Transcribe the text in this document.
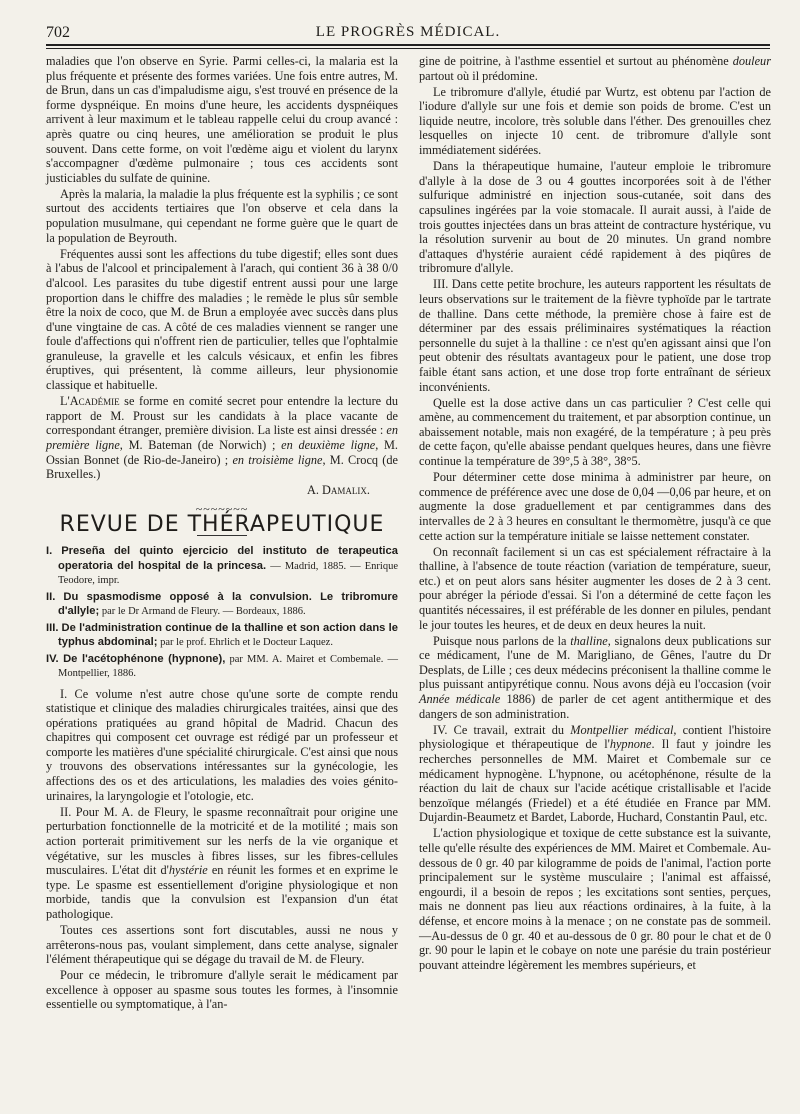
702	LE PROGRÈS MÉDICAL.

maladies que l'on observe en Syrie. Parmi celles-ci, la malaria est la plus fréquente et présente des formes variées. Une fois entre autres, M. de Brun, dans un cas d'impaludisme aigu, s'est trouvé en présence de la forme dyspnéique. En moins d'une heure, les accidents dyspnéiques arrivent à leur maximum et le tableau rappelle celui du croup avancé : après quatre ou cinq heures, une amélioration se produit le plus souvent. Dans cette forme, on voit l'œdème aigu et violent du larynx s'accompagner d'œdème pulmonaire ; tous ces accidents sont justiciables du sulfate de quinine.

Après la malaria, la maladie la plus fréquente est la syphilis ; ce sont surtout des accidents tertiaires que l'on observe et cela dans la population musulmane, qui cependant ne forme guère que le quart de la population de Beyrouth.

Fréquentes aussi sont les affections du tube digestif; elles sont dues à l'abus de l'alcool et principalement à l'arach, qui contient 36 à 38 0/0 d'alcool. Les parasites du tube digestif entrent aussi pour une large proportion dans le chiffre des maladies ; le remède le plus sûr semble être la noix de coco, que M. de Brun a employée avec succès dans plus d'une vingtaine de cas. A côté de ces maladies viennent se ranger une foule d'affections qui n'offrent rien de particulier, telles que l'ophtalmie granuleuse, la gravelle et les calculs vésicaux, et enfin les fibres éruptives, qui présentent, là comme ailleurs, leur physionomie classique et habituelle.

L'Académie se forme en comité secret pour entendre la lecture du rapport de M. Proust sur les candidats à la place vacante de correspondant étranger, première division. La liste est ainsi dressée : en première ligne, M. Bateman (de Norwich) ; en deuxième ligne, M. Ossian Bonnet (de Rio-de-Janeiro) ; en troisième ligne, M. Crocq (de Bruxelles.)

A. Damalix.

~~~~~~~
REVUE DE THÉRAPEUTIQUE

I. Preseña del quinto ejercicio del instituto de terapeutica operatoria del hospital de la princesa. — Madrid, 1885. — Enrique Teodore, impr.

II. Du spasmodisme opposé à la convulsion. Le tribromure d'allyle; par le Dr Armand de Fleury. — Bordeaux, 1886.

III. De l'administration continue de la thalline et son action dans le typhus abdominal; par le prof. Ehrlich et le Docteur Laquez.

IV. De l'acétophénone (hypnone), par MM. A. Mairet et Combemale. — Montpellier, 1886.

I. Ce volume n'est autre chose qu'une sorte de compte rendu statistique et clinique des maladies chirurgicales traitées, ainsi que des opérations pratiquées au grand hôpital de Madrid. Chacun des chapitres qui composent cet ouvrage est rédigé par un professeur et comporte les matières d'une spécialité chirurgicale. C'est ainsi que nous y trouvons des observations intéressantes sur la gynécologie, les affections des os et des articulations, les maladies des voies génito-urinaires, la laryngologie et l'otologie, etc.

II. Pour M. A. de Fleury, le spasme reconnaîtrait pour origine une perturbation fonctionnelle de la motricité et de la motilité ; mais son action porterait primitivement sur les nerfs de la vie organique et végétative, sur les muscles à fibres lisses, sur les fibres-cellules musculaires. L'état dit d'hystérie en réunit les formes et en exprime le type. Le spasme est essentiellement d'origine physiologique et non morbide, tandis que la convulsion est l'expansion d'un état pathologique.

Toutes ces assertions sont fort discutables, aussi ne nous y arrêterons-nous pas, voulant simplement, dans cette analyse, signaler l'élément thérapeutique qui se dégage du travail de M. de Fleury.

Pour ce médecin, le tribromure d'allyle serait le médicament par excellence à opposer au spasme sous toutes les formes, à l'insomnie essentielle ou symptomatique, à l'an-

gine de poitrine, à l'asthme essentiel et surtout au phénomène douleur partout où il prédomine.

Le tribromure d'allyle, étudié par Wurtz, est obtenu par l'action de l'iodure d'allyle sur une fois et demie son poids de brome. C'est un liquide neutre, incolore, très soluble dans l'éther. Des grenouilles chez lesquelles on injecte 10 cent. de tribromure d'allyle sont immédiatement sidérées.

Dans la thérapeutique humaine, l'auteur emploie le tribromure d'allyle à la dose de 3 ou 4 gouttes incorporées soit à de l'éther sulfurique administré en injection sous-cutanée, soit dans des capsulines ingérées par la voie stomacale. Il aurait aussi, à l'aide de trois gouttes injectées dans un bras atteint de contracture hystérique, vu la résolution survenir au bout de 20 minutes. Un grand nombre d'attaques d'hystérie auraient cédé rapidement à des piqûres de tribromure d'allyle.

III. Dans cette petite brochure, les auteurs rapportent les résultats de leurs observations sur le traitement de la fièvre typhoïde par le tartrate de thalline. Dans cette méthode, la première chose à faire est de déterminer par des essais préliminaires systématiques la réaction personnelle du sujet à la thalline : ce n'est qu'en agissant ainsi que l'on peut obtenir des résultats avantageux pour le patient, une dose trop faible étant sans action, et une dose trop forte entraînant de sérieux inconvénients.

Quelle est la dose active dans un cas particulier ? C'est celle qui amène, au commencement du traitement, et par absorption continue, un abaissement notable, mais non exagéré, de la température ; à peu près de cette façon, qu'elle abaisse pendant quelques heures, dans une fièvre continue la température de 39°,5 à 38°, 38°5.

Pour déterminer cette dose minima à administrer par heure, on commence de préférence avec une dose de 0,04 —0,06 par heure, et on augmente la dose graduellement et par centigrammes dans des intervalles de 2 à 3 heures en consultant le thermomètre, jusqu'à ce que cette action sur la température initiale se laisse nettement constater.

On reconnaît facilement si un cas est spécialement réfractaire à la thalline, à l'absence de toute réaction (variation de température, sueur, etc.) et on peut alors sans hésiter augmenter les doses de 2 à 3 cent. pour abréger la période d'essai. Si l'on a déterminé de cette façon les quantités nécessaires, il est préférable de les donner en pilules, pendant le jour toutes les heures, et de deux en deux heures la nuit.

Puisque nous parlons de la thalline, signalons deux publications sur ce médicament, l'une de M. Marigliano, de Gênes, l'autre du Dr Desplats, de Lille ; ces deux médecins préconisent la thalline comme le plus puissant antipyrétique connu. Nous avons déjà eu l'occasion (voir Année médicale 1886) de parler de cet agent antithermique et des dangers de son administration.

IV. Ce travail, extrait du Montpellier médical, contient l'histoire physiologique et thérapeutique de l'hypnone. Il faut y joindre les recherches personnelles de MM. Mairet et Combemale sur ce médicament hypnogène. L'hypnone, ou acétophénone, résulte de la réaction du lait de chaux sur l'acide acétique cristallisable et l'acide benzoïque mélangés (Friedel) et a été étudiée en France par MM. Dujardin-Beaumetz et Bardet, Laborde, Huchard, Constantin Paul, etc.

L'action physiologique et toxique de cette substance est la suivante, telle qu'elle résulte des expériences de MM. Mairet et Combemale. Au-dessous de 0 gr. 40 par kilogramme de poids de l'animal, l'action porte principalement sur le système musculaire ; l'animal est affaissé, engourdi, il a besoin de repos ; les excitations sont senties, perçues, mais ne donnent pas lieu aux réactions ordinaires, à la fuite, à la défense, et encore moins à la menace ; on ne constate pas de sommeil. —Au-dessus de 0 gr. 40 et au-dessous de 0 gr. 80 pour le chat et de 0 gr. 90 pour le lapin et le cobaye on note une parésie du train postérieur pouvant atteindre légèrement les membres supérieurs, et
